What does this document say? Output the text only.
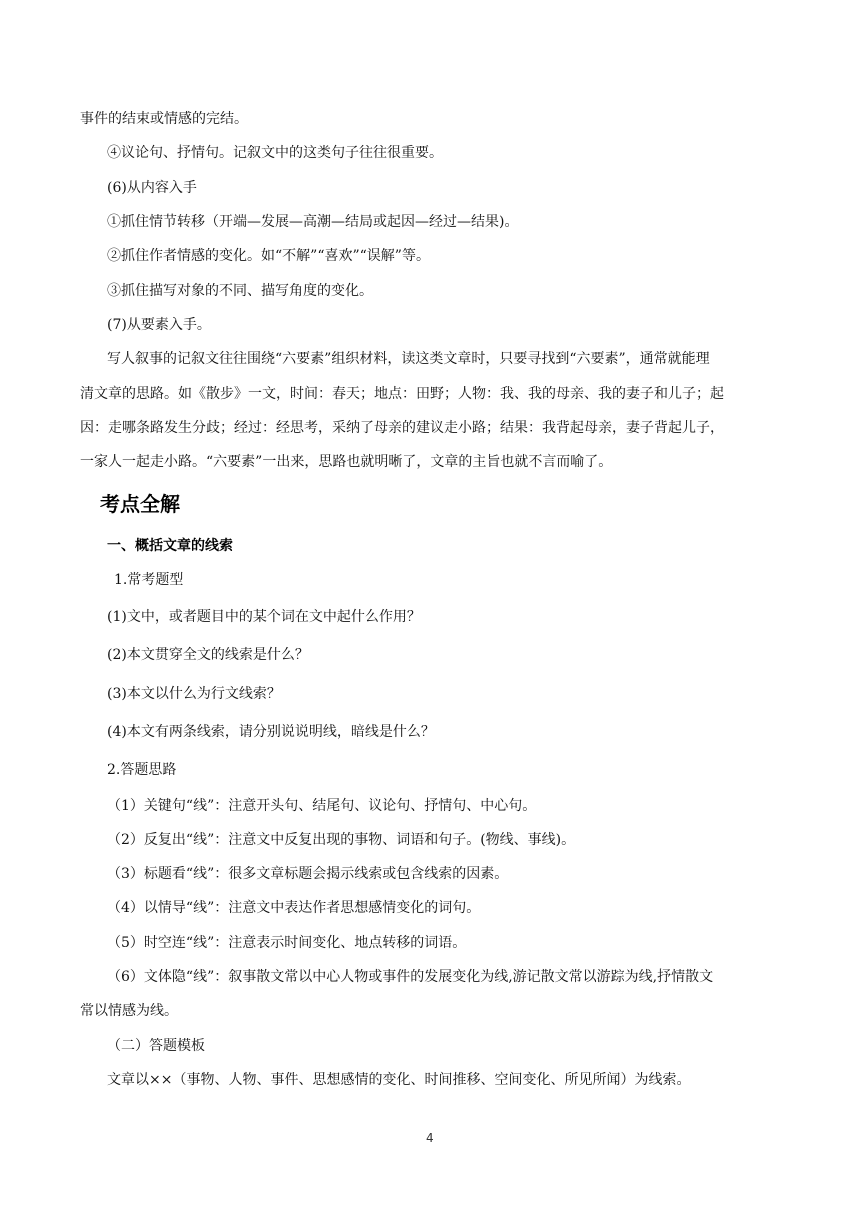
事件的结束或情感的完结。
④议论句、抒情句。记叙文中的这类句子往往很重要。
(6)从内容入手
①抓住情节转移（开端—发展—高潮—结局或起因—经过—结果)。
②抓住作者情感的变化。如“不解”“喜欢”“误解”等。
③抓住描写对象的不同、描写角度的变化。
(7)从要素入手。
写人叙事的记叙文往往围绕“六要素”组织材料，读这类文章时，只要寻找到“六要素”，通常就能理
清文章的思路。如《散步》一文，时间：春天；地点：田野；人物：我、我的母亲、我的妻子和儿子；起
因：走哪条路发生分歧；经过：经思考，采纳了母亲的建议走小路；结果：我背起母亲，妻子背起儿子，
一家人一起走小路。“六要素”一出来，思路也就明晰了，文章的主旨也就不言而喻了。
考点全解
一、概括文章的线索
1.常考题型
(1)文中，或者题目中的某个词在文中起什么作用？
(2)本文贯穿全文的线索是什么？
(3)本文以什么为行文线索？
(4)本文有两条线索，请分别说说明线，暗线是什么？
2.答题思路
（1）关键句“线”：注意开头句、结尾句、议论句、抒情句、中心句。
（2）反复出“线”：注意文中反复出现的事物、词语和句子。(物线、事线)。
（3）标题看“线”：很多文章标题会揭示线索或包含线索的因素。
（4）以情导“线”：注意文中表达作者思想感情变化的词句。
（5）时空连“线”：注意表示时间变化、地点转移的词语。
（6）文体隐“线”：叙事散文常以中心人物或事件的发展变化为线,游记散文常以游踪为线,抒情散文
常以情感为线。
（二）答题模板
文章以××（事物、人物、事件、思想感情的变化、时间推移、空间变化、所见所闻）为线索。
4
